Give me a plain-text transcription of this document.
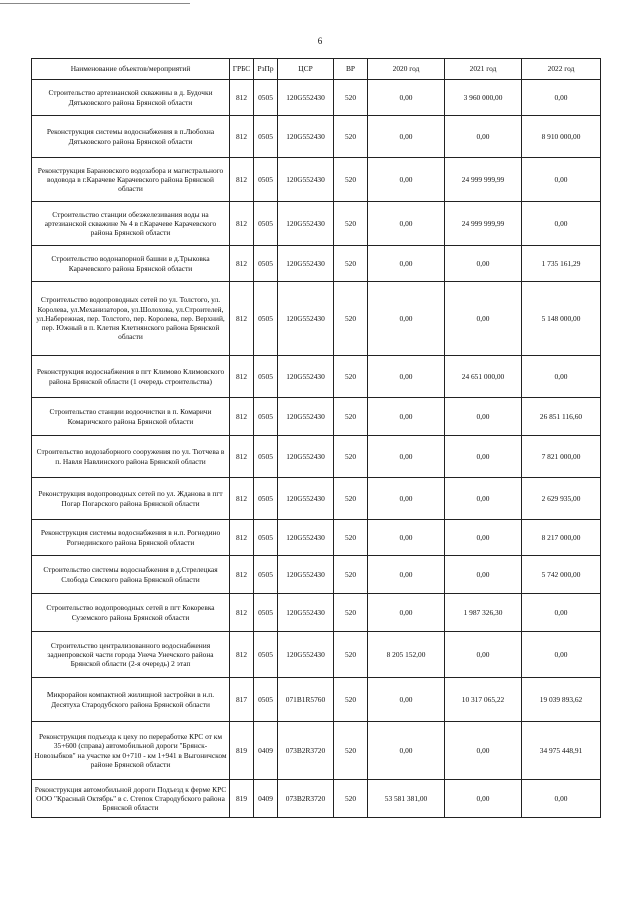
6
Наименование объектов/мероприятий	ГРБС	РзПр	ЦСР	ВР	2020 год	2021 год	2022 год
Строительство артезианской скважины в д. Будочки Дятьковского района Брянской области	812	0505	120G552430	520	0,00	3 960 000,00	0,00
Реконструкция системы водоснабжения в п.Любохна Дятьковского района Брянской области	812	0505	120G552430	520	0,00	0,00	8 910 000,00
Реконструкция Барановского водозабора и магистрального водовода в г.Карачеве Карачевского района Брянской области	812	0505	120G552430	520	0,00	24 999 999,99	0,00
Строительство станции обезжелезивания воды на артезианской скважине № 4 в г.Карачеве Карачевского района Брянской области	812	0505	120G552430	520	0,00	24 999 999,99	0,00
Строительство водонапорной башни в д.Трыковка Карачевского района Брянской области	812	0505	120G552430	520	0,00	0,00	1 735 161,29
Строительство водопроводных сетей по ул. Толстого, ул. Королева, ул.Механизаторов, ул.Шолохова, ул.Строителей, ул.Набережная, пер. Толстого, пер. Королева, пер. Верхний, пер. Южный в п. Клетня Клетнянского района Брянской области	812	0505	120G552430	520	0,00	0,00	5 148 000,00
Реконструкция водоснабжения в пгт Климово Климовского района Брянской области (1 очередь строительства)	812	0505	120G552430	520	0,00	24 651 000,00	0,00
Строительство станции водоочистки в п. Комаричи Комаричского района Брянской области	812	0505	120G552430	520	0,00	0,00	26 851 116,60
Строительство водозаборного сооружения по ул. Тютчева в п. Навля Навлинского района Брянской области	812	0505	120G552430	520	0,00	0,00	7 821 000,00
Реконструкция водопроводных сетей по ул. Жданова в пгт Погар Погарского района Брянской области	812	0505	120G552430	520	0,00	0,00	2 629 935,00
Реконструкция системы водоснабжения в н.п. Рогнедино Рогнединского района Брянской области	812	0505	120G552430	520	0,00	0,00	8 217 000,00
Строительство системы водоснабжения в д.Стрелецкая Слобода Севского района Брянской области	812	0505	120G552430	520	0,00	0,00	5 742 000,00
Строительство водопроводных сетей в пгт Кокоревка Суземского района Брянской области	812	0505	120G552430	520	0,00	1 987 326,30	0,00
Строительство централизованного водоснабжения заднепровской части города Унеча Унечского района Брянской области (2-я очередь) 2 этап	812	0505	120G552430	520	8 205 152,00	0,00	0,00
Микрорайон компактной жилищной застройки в н.п. Десятуха Стародубского района Брянской области	817	0505	071В1R5760	520	0,00	10 317 065,22	19 039 893,62
Реконструкция подъезда к цеху по переработке КРС от км 35+600 (справа) автомобильной дороги "Брянск-Новозыбков" на участке км 0+710 - км 1+941 в Выгоничском районе Брянской области	819	0409	073В2R3720	520	0,00	0,00	34 975 448,91
Реконструкция автомобильной дороги Подъезд к ферме КРС ООО "Красный Октябрь" в с. Степок Стародубского района Брянской области	819	0409	073В2R3720	520	53 581 381,00	0,00	0,00
